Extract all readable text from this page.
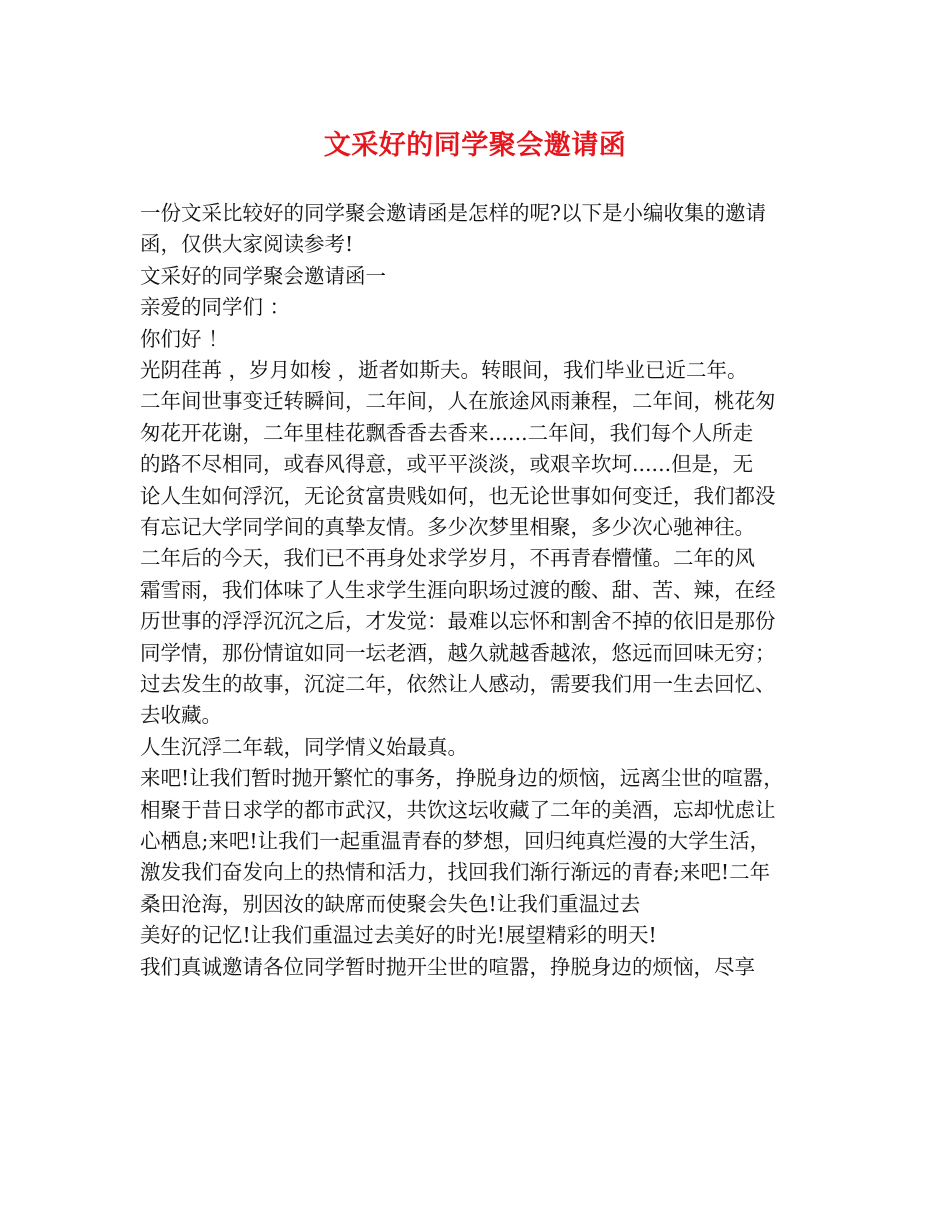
文采好的同学聚会邀请函
一份文采比较好的同学聚会邀请函是怎样的呢?以下是小编收集的邀请
函，仅供大家阅读参考!
文采好的同学聚会邀请函一
亲爱的同学们 ：
你们好 ！
光阴荏苒 ，岁月如梭 ，逝者如斯夫。转眼间，我们毕业已近二年。
二年间世事变迁转瞬间，二年间，人在旅途风雨兼程，二年间，桃花匆
匆花开花谢，二年里桂花飘香香去香来......二年间，我们每个人所走
的路不尽相同，或春风得意，或平平淡淡，或艰辛坎坷......但是，无
论人生如何浮沉，无论贫富贵贱如何，也无论世事如何变迁，我们都没
有忘记大学同学间的真挚友情。多少次梦里相聚，多少次心驰神往。
二年后的今天，我们已不再身处求学岁月，不再青春懵懂。二年的风
霜雪雨，我们体味了人生求学生涯向职场过渡的酸、甜、苦、辣，在经
历世事的浮浮沉沉之后，才发觉：最难以忘怀和割舍不掉的依旧是那份
同学情，那份情谊如同一坛老酒，越久就越香越浓，悠远而回味无穷；
过去发生的故事，沉淀二年，依然让人感动，需要我们用一生去回忆、
去收藏。
人生沉浮二年载，同学情义始最真。
来吧!让我们暂时抛开繁忙的事务，挣脱身边的烦恼，远离尘世的喧嚣，
相聚于昔日求学的都市武汉，共饮这坛收藏了二年的美酒，忘却忧虑让
心栖息;来吧!让我们一起重温青春的梦想，回归纯真烂漫的大学生活，
激发我们奋发向上的热情和活力，找回我们渐行渐远的青春;来吧!二年
桑田沧海，别因汝的缺席而使聚会失色!让我们重温过去
美好的记忆!让我们重温过去美好的时光!展望精彩的明天!
我们真诚邀请各位同学暂时抛开尘世的喧嚣，挣脱身边的烦恼，尽享
